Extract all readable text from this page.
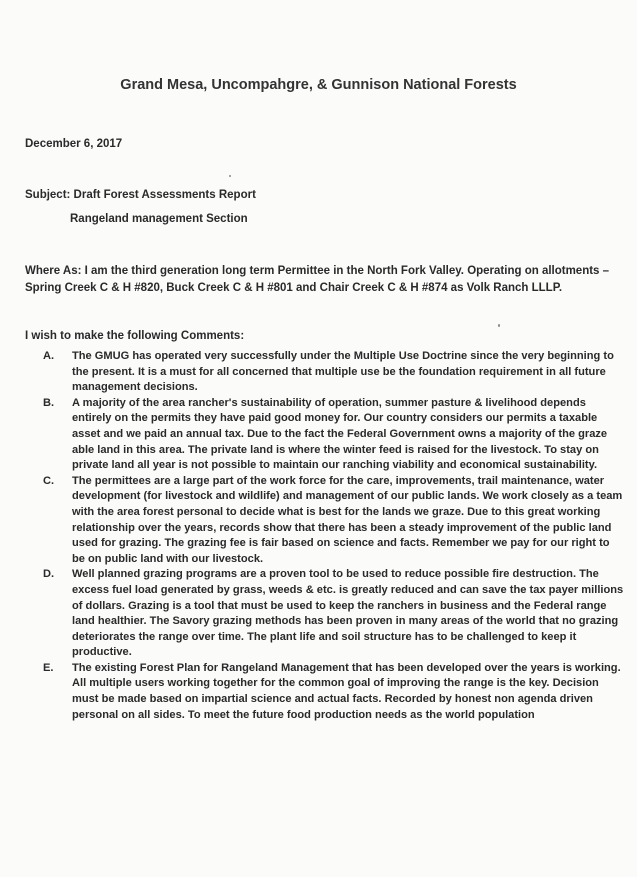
Grand Mesa, Uncompahgre, & Gunnison National Forests
December 6, 2017
Subject: Draft Forest Assessments Report
Rangeland management Section
Where As: I am the third generation long term Permittee in the North Fork Valley. Operating on allotments – Spring Creek C & H #820, Buck Creek C & H #801 and Chair Creek C & H #874 as Volk Ranch LLLP.
I wish to make the following Comments:
A.	The GMUG has operated very successfully under the Multiple Use Doctrine since the very beginning to the present. It is a must for all concerned that multiple use be the foundation requirement in all future management decisions.
B.	A majority of the area rancher's sustainability of operation, summer pasture & livelihood depends entirely on the permits they have paid good money for. Our country considers our permits a taxable asset and we paid an annual tax. Due to the fact the Federal Government owns a majority of the graze able land in this area. The private land is where the winter feed is raised for the livestock. To stay on private land all year is not possible to maintain our ranching viability and economical sustainability.
C.	The permittees are a large part of the work force for the care, improvements, trail maintenance, water development (for livestock and wildlife) and management of our public lands. We work closely as a team with the area forest personal to decide what is best for the lands we graze. Due to this great working relationship over the years, records show that there has been a steady improvement of the public land used for grazing. The grazing fee is fair based on science and facts. Remember we pay for our right to be on public land with our livestock.
D.	Well planned grazing programs are a proven tool to be used to reduce possible fire destruction. The excess fuel load generated by grass, weeds & etc. is greatly reduced and can save the tax payer millions of dollars. Grazing is a tool that must be used to keep the ranchers in business and the Federal range land healthier. The Savory grazing methods has been proven in many areas of the world that no grazing deteriorates the range over time. The plant life and soil structure has to be challenged to keep it productive.
E.	The existing Forest Plan for Rangeland Management that has been developed over the years is working. All multiple users working together for the common goal of improving the range is the key. Decision must be made based on impartial science and actual facts. Recorded by honest non agenda driven personal on all sides. To meet the future food production needs as the world population
